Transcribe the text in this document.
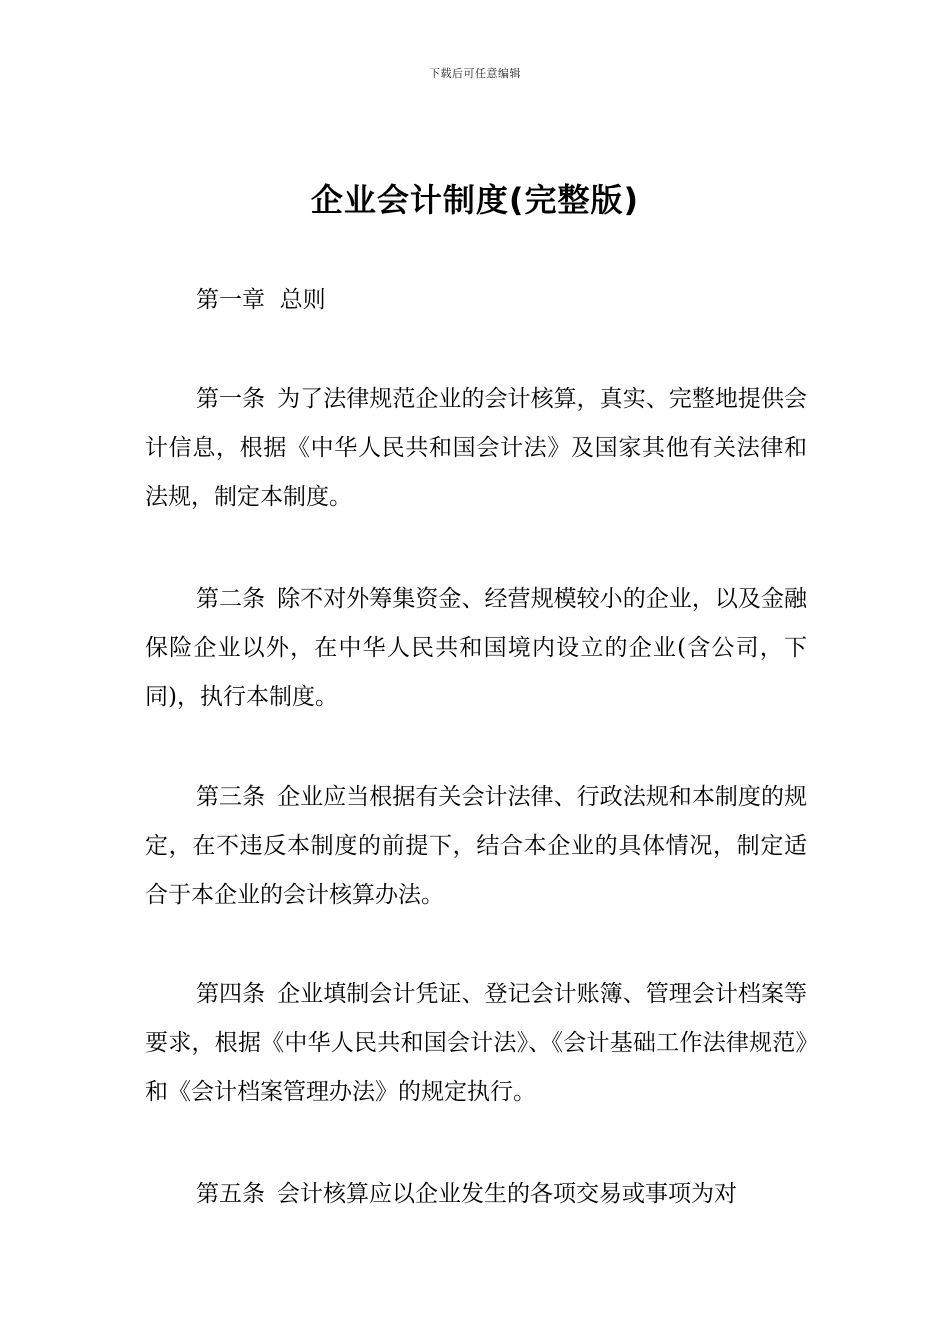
下载后可任意编辑
企业会计制度(完整版)
第一章  总则
第一条 为了法律规范企业的会计核算，真实、完整地提供会计信息，根据《中华人民共和国会计法》及国家其他有关法律和法规，制定本制度。
第二条 除不对外筹集资金、经营规模较小的企业，以及金融保险企业以外，在中华人民共和国境内设立的企业(含公司，下同)，执行本制度。
第三条 企业应当根据有关会计法律、行政法规和本制度的规定，在不违反本制度的前提下，结合本企业的具体情况，制定适合于本企业的会计核算办法。
第四条 企业填制会计凭证、登记会计账簿、管理会计档案等要求，根据《中华人民共和国会计法》、《会计基础工作法律规范》和《会计档案管理办法》的规定执行。
第五条 会计核算应以企业发生的各项交易或事项为对
